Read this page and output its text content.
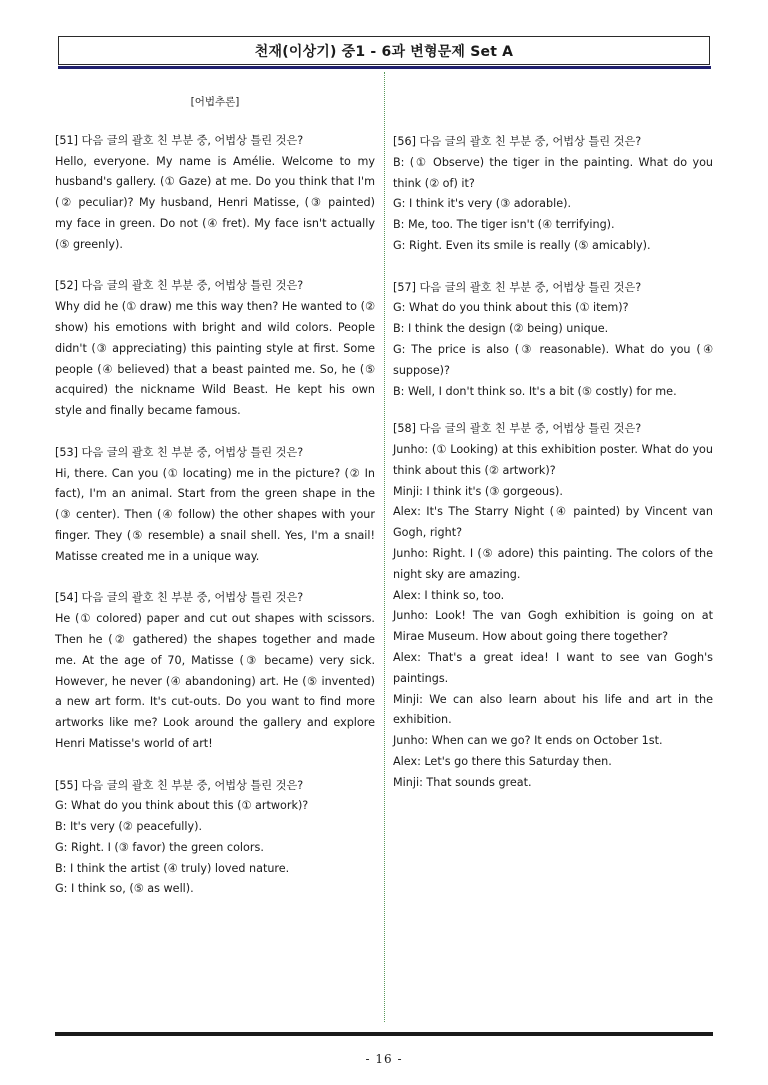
천재(이상기) 중1 - 6과 변형문제 Set A
[어법추론]
[51] 다음 글의 괄호 친 부분 중, 어법상 틀린 것은?
Hello, everyone. My name is Amélie. Welcome to my husband's gallery. (① Gaze) at me. Do you think that I'm (② peculiar)? My husband, Henri Matisse, (③ painted) my face in green. Do not (④ fret). My face isn't actually (⑤ greenly).
[52] 다음 글의 괄호 친 부분 중, 어법상 틀린 것은?
Why did he (① draw) me this way then? He wanted to (② show) his emotions with bright and wild colors. People didn't (③ appreciating) this painting style at first. Some people (④ believed) that a beast painted me. So, he (⑤ acquired) the nickname Wild Beast. He kept his own style and finally became famous.
[53] 다음 글의 괄호 친 부분 중, 어법상 틀린 것은?
Hi, there. Can you (① locating) me in the picture? (② In fact), I'm an animal. Start from the green shape in the (③ center). Then (④ follow) the other shapes with your finger. They (⑤ resemble) a snail shell. Yes, I'm a snail! Matisse created me in a unique way.
[54] 다음 글의 괄호 친 부분 중, 어법상 틀린 것은?
He (① colored) paper and cut out shapes with scissors. Then he (② gathered) the shapes together and made me. At the age of 70, Matisse (③ became) very sick. However, he never (④ abandoning) art. He (⑤ invented) a new art form. It's cut-outs. Do you want to find more artworks like me? Look around the gallery and explore Henri Matisse's world of art!
[55] 다음 글의 괄호 친 부분 중, 어법상 틀린 것은?
G: What do you think about this (① artwork)?
B: It's very (② peacefully).
G: Right. I (③ favor) the green colors.
B: I think the artist (④ truly) loved nature.
G: I think so, (⑤ as well).
[56] 다음 글의 괄호 친 부분 중, 어법상 틀린 것은?
B: (① Observe) the tiger in the painting. What do you think (② of) it?
G: I think it's very (③ adorable).
B: Me, too. The tiger isn't (④ terrifying).
G: Right. Even its smile is really (⑤ amicably).
[57] 다음 글의 괄호 친 부분 중, 어법상 틀린 것은?
G: What do you think about this (① item)?
B: I think the design (② being) unique.
G: The price is also (③ reasonable). What do you (④ suppose)?
B: Well, I don't think so. It's a bit (⑤ costly) for me.
[58] 다음 글의 괄호 친 부분 중, 어법상 틀린 것은?
Junho: (① Looking) at this exhibition poster. What do you think about this (② artwork)?
Minji: I think it's (③ gorgeous).
Alex: It's The Starry Night (④ painted) by Vincent van Gogh, right?
Junho: Right. I (⑤ adore) this painting. The colors of the night sky are amazing.
Alex: I think so, too.
Junho: Look! The van Gogh exhibition is going on at Mirae Museum. How about going there together?
Alex: That's a great idea! I want to see van Gogh's paintings.
Minji: We can also learn about his life and art in the exhibition.
Junho: When can we go? It ends on October 1st.
Alex: Let's go there this Saturday then.
Minji: That sounds great.
- 16 -
